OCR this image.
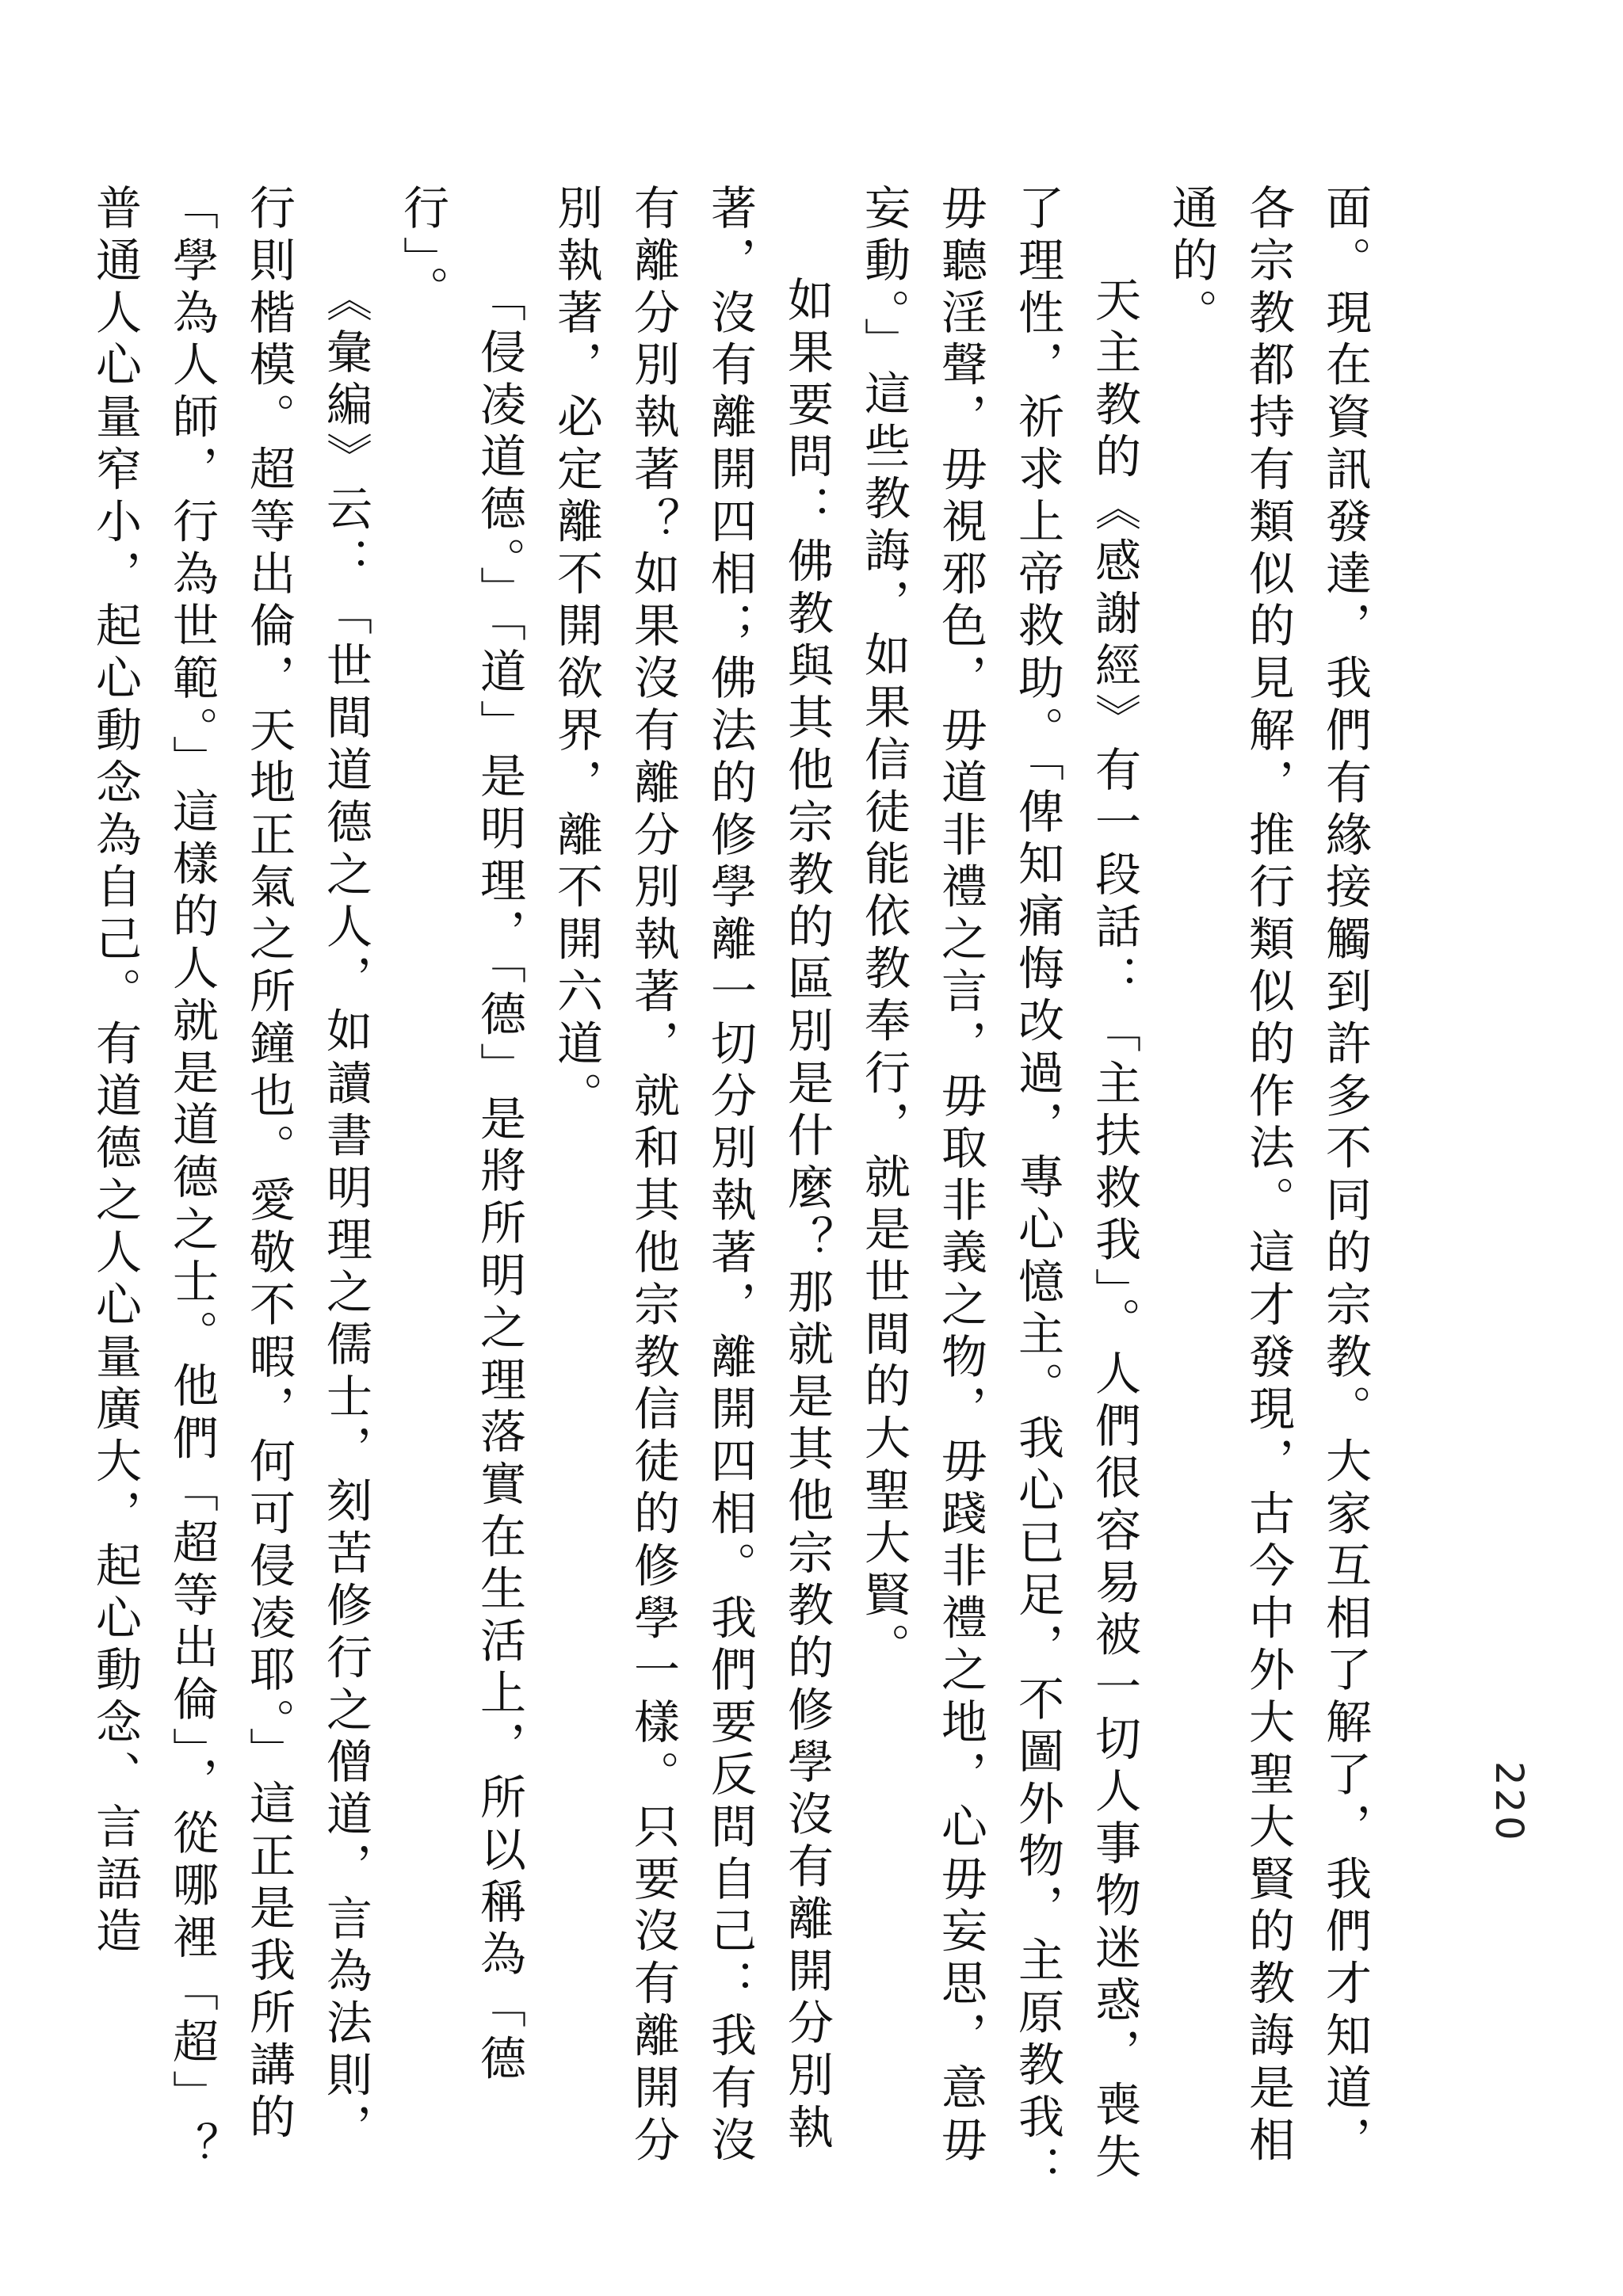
220

面。現在資訊發達，我們有緣接觸到許多不同的宗教。大家互相了解了，我們才知道，各宗教都持有類似的見解，推行類似的作法。這才發現，古今中外大聖大賢的教誨是相通的。

天主教的《感謝經》有一段話：「主扶救我」。人們很容易被一切人事物迷惑，喪失了理性，祈求上帝救助。「俾知痛悔改過，專心憶主。我心已足，不圖外物，主原教我：毋聽淫聲，毋視邪色，毋道非禮之言，毋取非義之物，毋踐非禮之地，心毋妄思，意毋妄動。」這些教誨，如果信徒能依教奉行，就是世間的大聖大賢。

如果要問：佛教與其他宗教的區別是什麼？那就是其他宗教的修學沒有離開分別執著，沒有離開四相；佛法的修學離一切分別執著，離開四相。我們要反問自己：我有沒有離分別執著？如果沒有離分別執著，就和其他宗教信徒的修學一樣。只要沒有離開分別執著，必定離不開欲界，離不開六道。

「侵凌道德。」「道」是明理，「德」是將所明之理落實在生活上，所以稱為「德行」。

《彙編》云：「世間道德之人，如讀書明理之儒士，刻苦修行之僧道，言為法則，行則楷模。超等出倫，天地正氣之所鐘也。愛敬不暇，何可侵凌耶。」這正是我所講的「學為人師，行為世範。」這樣的人就是道德之士。他們「超等出倫」，從哪裡「超」？普通人心量窄小，起心動念為自己。有道德之人心量廣大，起心動念、言語造
